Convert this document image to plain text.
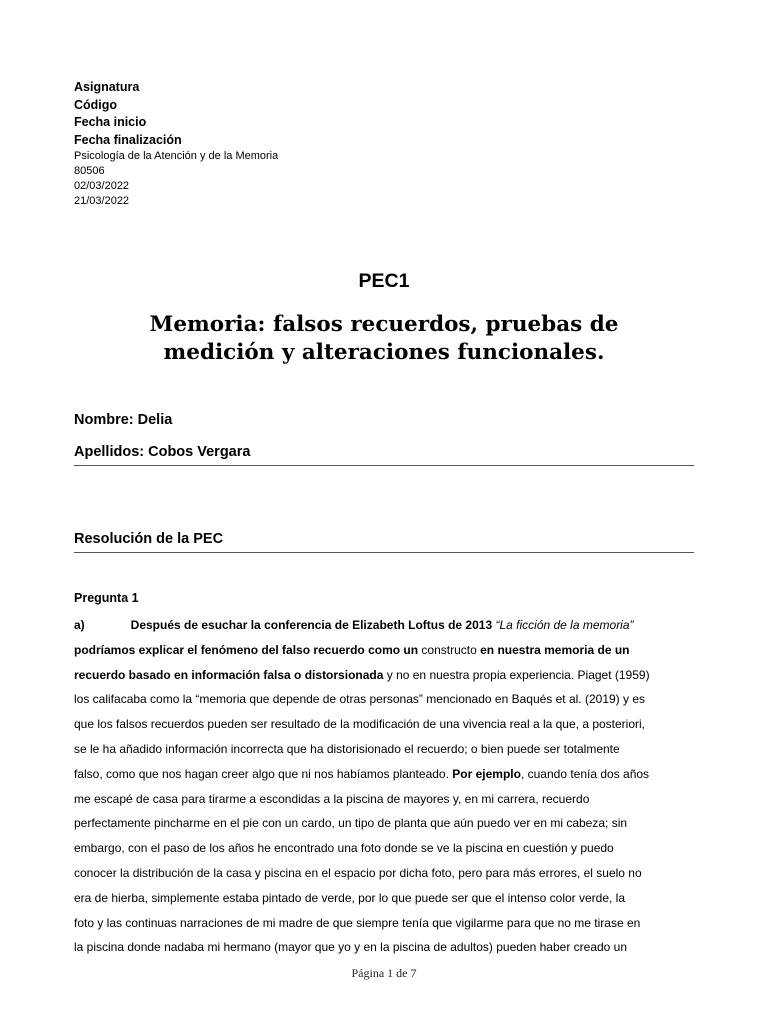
Asignatura
Código
Fecha inicio
Fecha finalización
Psicología de la Atención y de la Memoria
80506
02/03/2022
21/03/2022
PEC1
Memoria: falsos recuerdos, pruebas de
medición y alteraciones funcionales.
Nombre: Delia
Apellidos: Cobos Vergara
Resolución de la PEC
Pregunta 1
a)	Después de esuchar la conferencia de Elizabeth Loftus de 2013 “La ficción de la memoria”
podríamos explicar el fenómeno del falso recuerdo como un constructo en nuestra memoria de un
recuerdo basado en información falsa o distorsionada y no en nuestra propia experiencia. Piaget (1959)
los califacaba como la “memoria que depende de otras personas” mencionado en Baqués et al. (2019) y es
que los falsos recuerdos pueden ser resultado de la modificación de una vivencia real a la que, a posteriori,
se le ha añadido información incorrecta que ha distorisionado el recuerdo; o bien puede ser totalmente
falso, como que nos hagan creer algo que ni nos habíamos planteado. Por ejemplo, cuando tenía dos años
me escapé de casa para tirarme a escondidas a la piscina de mayores y, en mi carrera, recuerdo
perfectamente pincharme en el pie con un cardo, un tipo de planta que aún puedo ver en mi cabeza; sin
embargo, con el paso de los años he encontrado una foto donde se ve la piscina en cuestión y puedo
conocer la distribución de la casa y piscina en el espacio por dicha foto, pero para más errores, el suelo no
era de hierba, simplemente estaba pintado de verde, por lo que puede ser que el intenso color verde, la
foto y las continuas narraciones de mi madre de que siempre tenía que vigilarme para que no me tirase en
la piscina donde nadaba mi hermano (mayor que yo y en la piscina de adultos) pueden haber creado un
Página 1 de 7
